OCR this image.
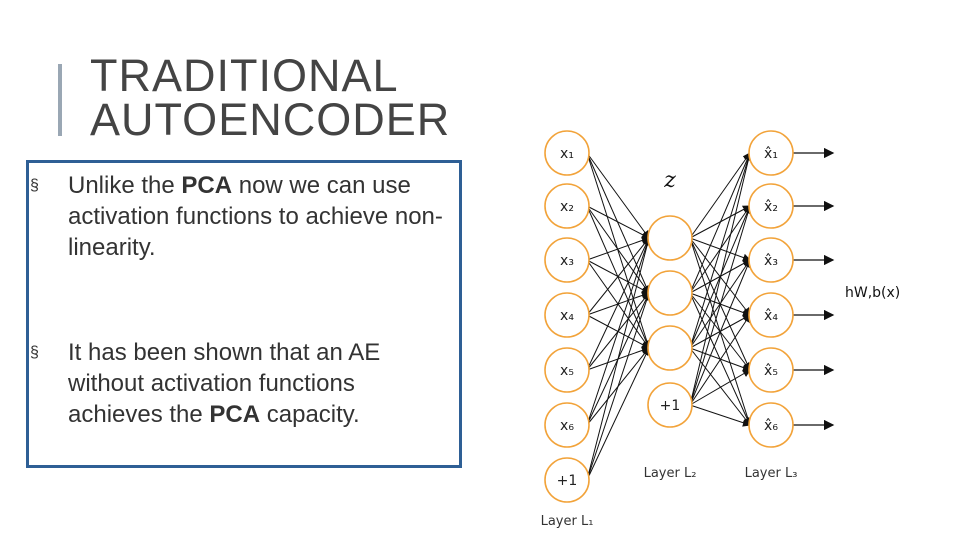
TRADITIONAL
AUTOENCODER
§ Unlike the PCA now we can use activation functions to achieve non-linearity.
§ It has been shown that an AE without activation functions achieves the PCA capacity.
x₁
x₂
x₃
x₄
x₅
x₆
+1
x̂₁
x̂₂
x̂₃
x̂₄
x̂₅
x̂₆
+1
z
hW,b(x)
Layer L₁
Layer L₂	Layer L₃
